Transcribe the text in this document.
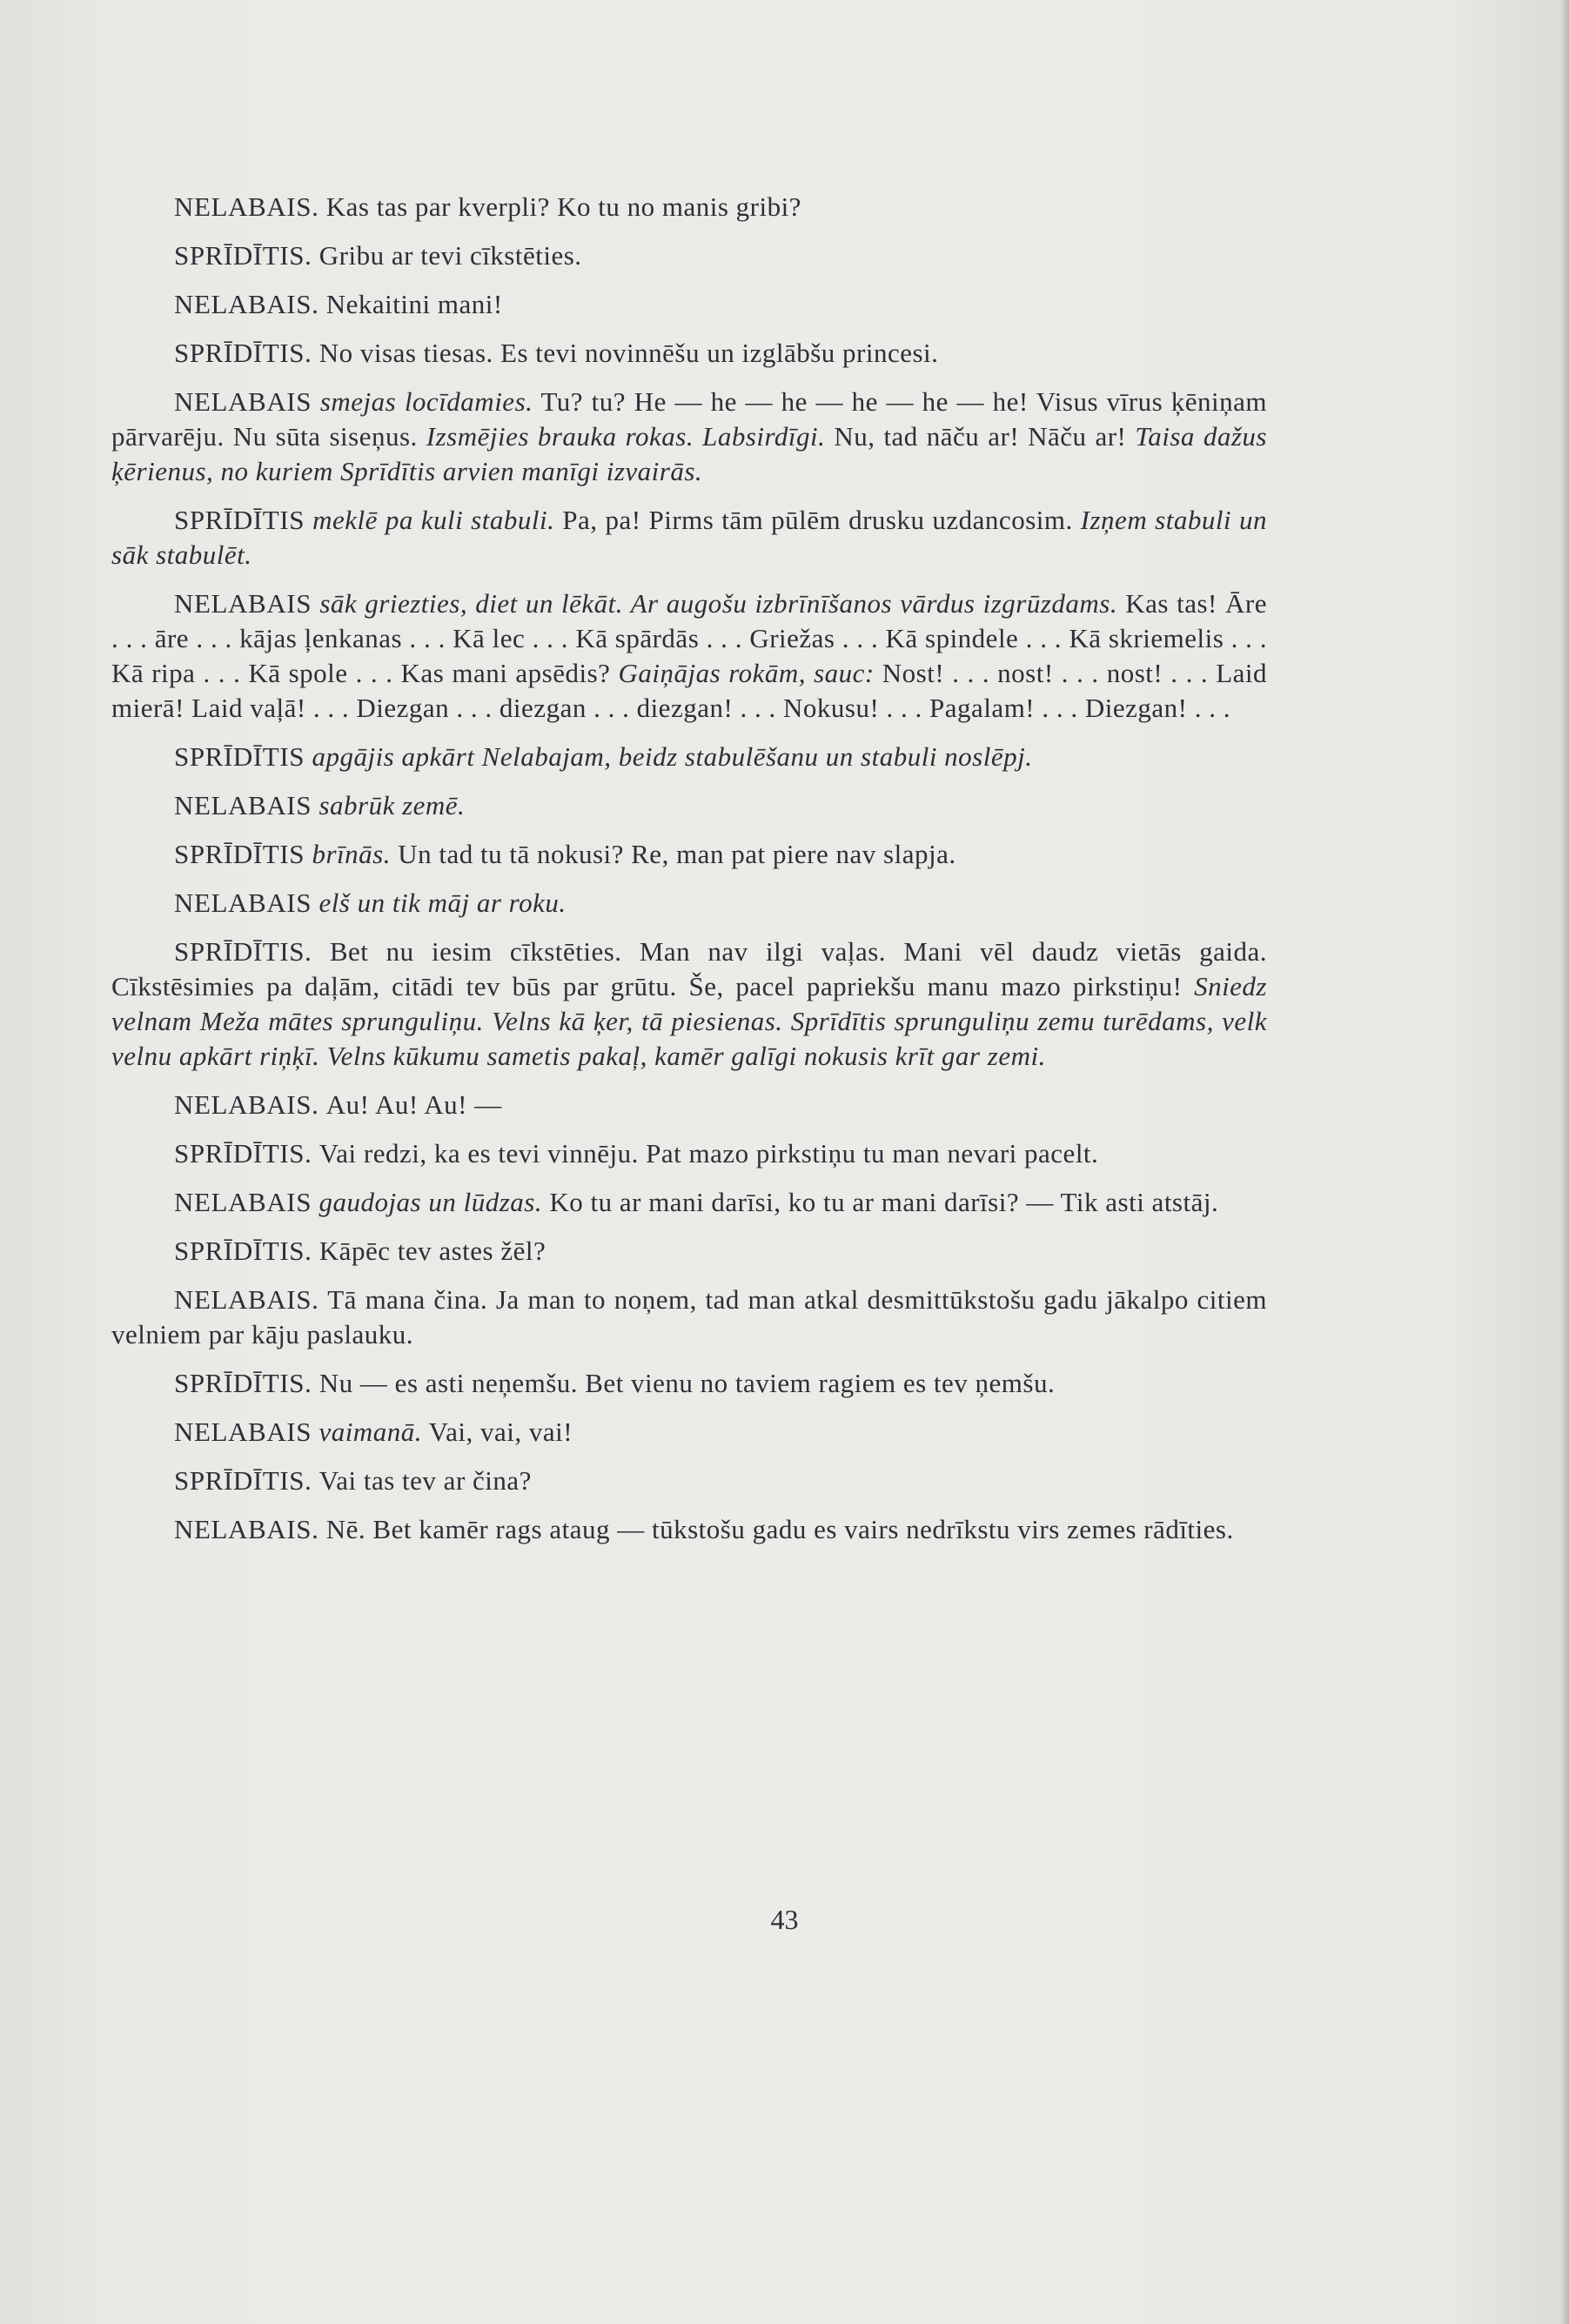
NELABAIS. Kas tas par kverpli? Ko tu no manis gribi?

SPRĪDĪTIS. Gribu ar tevi cīkstēties.

NELABAIS. Nekaitini mani!

SPRĪDĪTIS. No visas tiesas. Es tevi novinnēšu un izglābšu princesi.

NELABAIS smejas locīdamies. Tu? tu? He — he — he — he — he — he! Visus vīrus ķēniņam pārvarēju. Nu sūta siseņus. Izsmējies brauka rokas. Labsirdīgi. Nu, tad nāču ar! Nāču ar! Taisa dažus ķērienus, no kuriem Sprīdītis arvien manīgi izvairās.

SPRĪDĪTIS meklē pa kuli stabuli. Pa, pa! Pirms tām pūlēm drusku uzdancosim. Izņem stabuli un sāk stabulēt.

NELABAIS sāk griezties, diet un lēkāt. Ar augošu izbrīnīšanos vārdus izgrūzdams. Kas tas! Āre . . . āre . . . kājas ļenkanas . . . Kā lec . . . Kā spārdās . . . Griežas . . . Kā spindele . . . Kā skriemelis . . . Kā ripa . . . Kā spole . . . Kas mani apsēdis? Gaiņājas rokām, sauc: Nost! . . . nost! . . . nost! . . . Laid mierā! Laid vaļā! . . . Diezgan . . . diezgan . . . diezgan! . . . Nokusu! . . . Pagalam! . . . Diezgan! . . .

SPRĪDĪTIS apgājis apkārt Nelabajam, beidz stabulēšanu un stabuli noslēpj.

NELABAIS sabrūk zemē.

SPRĪDĪTIS brīnās. Un tad tu tā nokusi? Re, man pat piere nav slapja.

NELABAIS elš un tik māj ar roku.

SPRĪDĪTIS. Bet nu iesim cīkstēties. Man nav ilgi vaļas. Mani vēl daudz vietās gaida. Cīkstēsimies pa daļām, citādi tev būs par grūtu. Še, pacel papriekšu manu mazo pirkstiņu! Sniedz velnam Meža mātes sprunguliņu. Velns kā ķer, tā piesienas. Sprīdītis sprunguliņu zemu turēdams, velk velnu apkārt riņķī. Velns kūkumu sametis pakaļ, kamēr galīgi nokusis krīt gar zemi.

NELABAIS. Au! Au! Au! —

SPRĪDĪTIS. Vai redzi, ka es tevi vinnēju. Pat mazo pirkstiņu tu man nevari pacelt.

NELABAIS gaudojas un lūdzas. Ko tu ar mani darīsi, ko tu ar mani darīsi? — Tik asti atstāj.

SPRĪDĪTIS. Kāpēc tev astes žēl?

NELABAIS. Tā mana čina. Ja man to noņem, tad man atkal desmittūkstošu gadu jākalpo citiem velniem par kāju paslauku.

SPRĪDĪTIS. Nu — es asti neņemšu. Bet vienu no taviem ragiem es tev ņemšu.

NELABAIS vaimanā. Vai, vai, vai!

SPRĪDĪTIS. Vai tas tev ar čina?

NELABAIS. Nē. Bet kamēr rags ataug — tūkstošu gadu es vairs nedrīkstu virs zemes rādīties.

43
